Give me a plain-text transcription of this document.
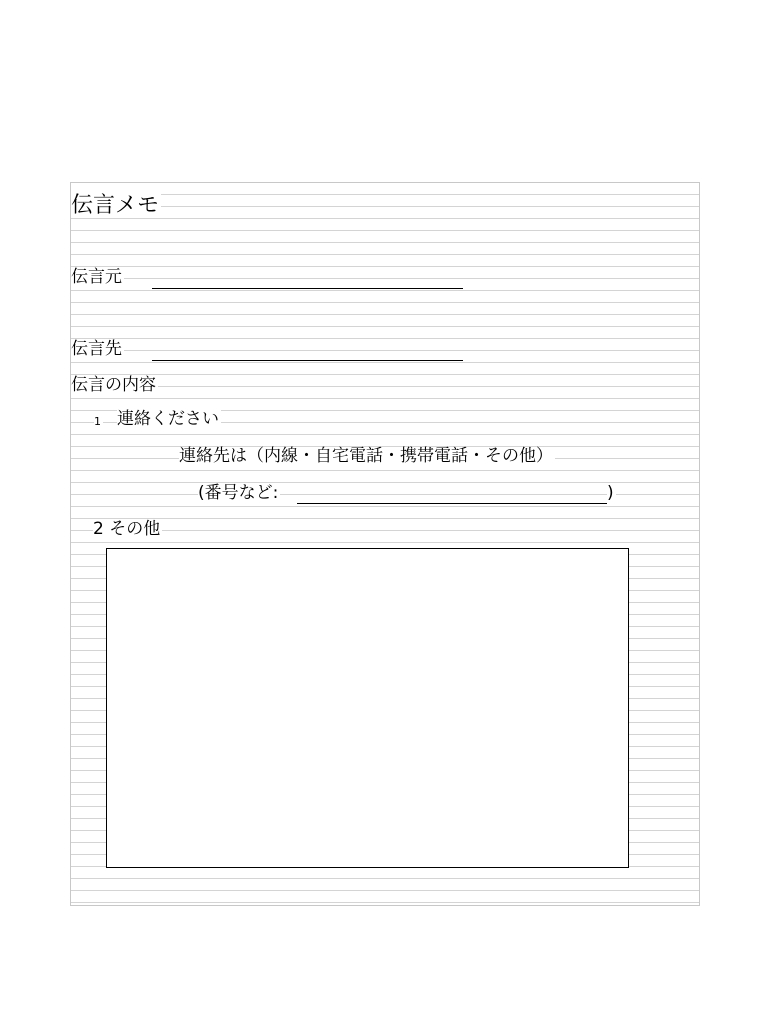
伝言メモ
伝言元
伝言先
伝言の内容
1 連絡ください
連絡先は（内線・自宅電話・携帯電話・その他）
(番号など:	)
2 その他
